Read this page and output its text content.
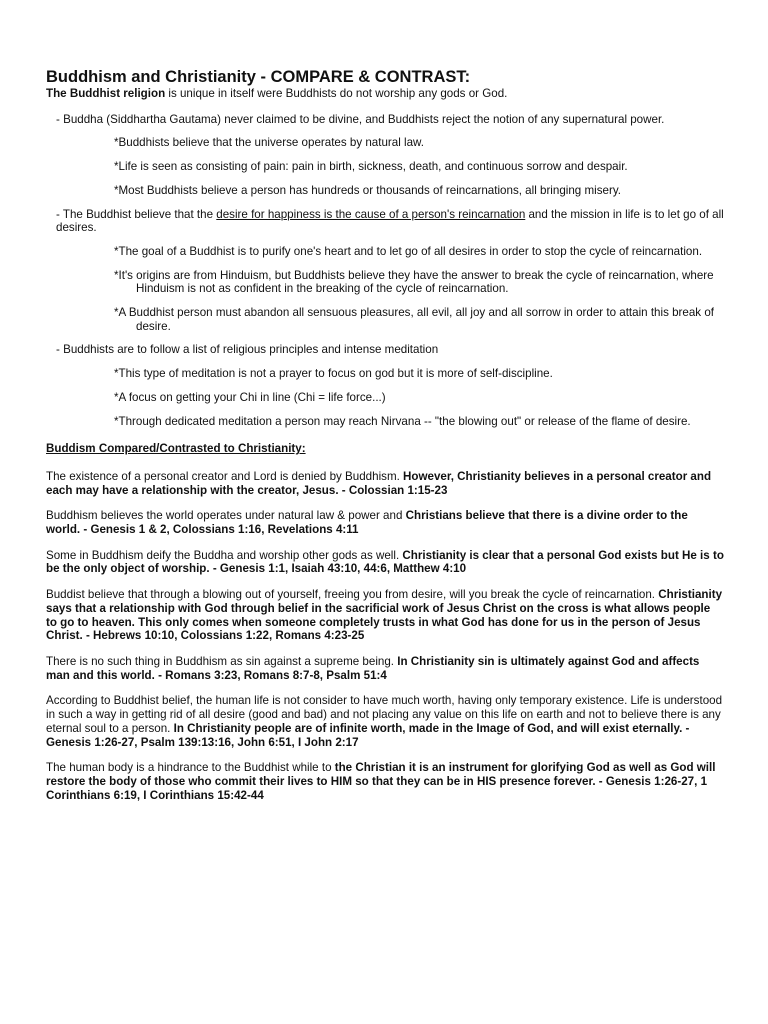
Buddhism and Christianity - COMPARE & CONTRAST:

The Buddhist religion is unique in itself were Buddhists do not worship any gods or God.

- Buddha (Siddhartha Gautama) never claimed to be divine, and Buddhists reject the notion of any supernatural power.

*Buddhists believe that the universe operates by natural law.

*Life is seen as consisting of pain: pain in birth, sickness, death, and continuous sorrow and despair.

*Most Buddhists believe a person has hundreds or thousands of reincarnations, all bringing misery.

- The Buddhist believe that the desire for happiness is the cause of a person's reincarnation and the mission in life is to let go of all desires.

*The goal of a Buddhist is to purify one's heart and to let go of all desires in order to stop the cycle of reincarnation.

*It's origins are from Hinduism, but Buddhists believe they have the answer to break the cycle of reincarnation, where Hinduism is not as confident in the breaking of the cycle of reincarnation.

*A Buddhist person must abandon all sensuous pleasures, all evil, all joy and all sorrow in order to attain this break of desire.

- Buddhists are to follow a list of religious principles and intense meditation

*This type of meditation is not a prayer to focus on god but it is more of self-discipline.

*A focus on getting your Chi in line (Chi = life force...)

*Through dedicated meditation a person may reach Nirvana -- "the blowing out" or release of the flame of desire.

Buddism Compared/Contrasted to Christianity:

The existence of a personal creator and Lord is denied by Buddhism. However, Christianity believes in a personal creator and each may have a relationship with the creator, Jesus. - Colossian 1:15-23

Buddhism believes the world operates under natural law & power and Christians believe that there is a divine order to the world. - Genesis 1 & 2, Colossians 1:16, Revelations 4:11

Some in Buddhism deify the Buddha and worship other gods as well. Christianity is clear that a personal God exists but He is to be the only object of worship. - Genesis 1:1, Isaiah 43:10, 44:6, Matthew 4:10

Buddist believe that through a blowing out of yourself, freeing you from desire, will you break the cycle of reincarnation. Christianity says that a relationship with God through belief in the sacrificial work of Jesus Christ on the cross is what allows people to go to heaven. This only comes when someone completely trusts in what God has done for us in the person of Jesus Christ. - Hebrews 10:10, Colossians 1:22, Romans 4:23-25

There is no such thing in Buddhism as sin against a supreme being. In Christianity sin is ultimately against God and affects man and this world. - Romans 3:23, Romans 8:7-8, Psalm 51:4

According to Buddhist belief, the human life is not consider to have much worth, having only temporary existence. Life is understood in such a way in getting rid of all desire (good and bad) and not placing any value on this life on earth and not to believe there is any eternal soul to a person. In Christianity people are of infinite worth, made in the Image of God, and will exist eternally. - Genesis 1:26-27, Psalm 139:13:16, John 6:51, I John 2:17

The human body is a hindrance to the Buddhist while to the Christian it is an instrument for glorifying God as well as God will restore the body of those who commit their lives to HIM so that they can be in HIS presence forever. - Genesis 1:26-27, 1 Corinthians 6:19, I Corinthians 15:42-44
